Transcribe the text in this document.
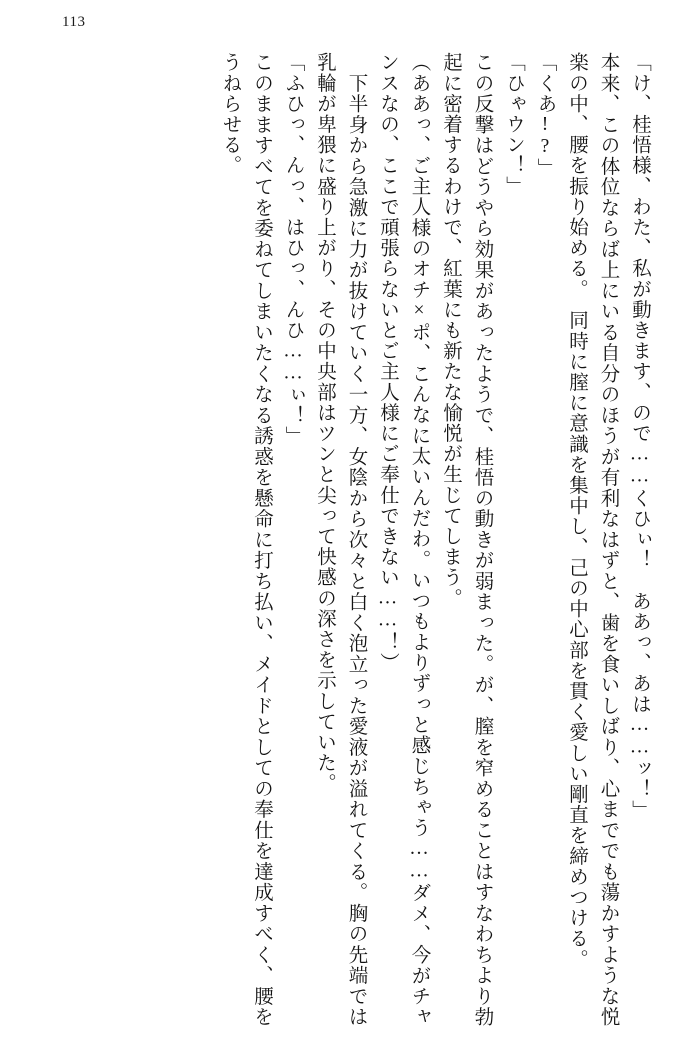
113
「け、桂悟様、わた、私が動きます、ので……くひぃ！　ああっ、あは……ッ！」
本来、この体位ならば上にいる自分のほうが有利なはずと、歯を食いしばり、心まででも蕩かすような悦楽の中、腰を振り始める。　同時に膣に意識を集中し、己の中心部を貫く愛しい剛直を締めつける。
「くあ!?」
「ひゃウン！」
この反撃はどうやら効果があったようで、桂悟の動きが弱まった。が、膣を窄めることはすなわちより勃起に密着するわけで、紅葉にも新たな愉悦が生じてしまう。
（ああっ、ご主人様のオチ×ポ、こんなに太いんだわ。いつもよりずっと感じちゃう……ダメ、今がチャンスなの、ここで頑張らないとご主人様にご奉仕できない……！）
　下半身から急激に力が抜けていく一方、女陰から次々と白く泡立った愛液が溢れてくる。胸の先端では乳輪が卑猥に盛り上がり、その中央部はツンと尖って快感の深さを示していた。
「ふひっ、んっ、はひっ、んひ……ぃ！」
このまますべてを委ねてしまいたくなる誘惑を懸命に打ち払い、メイドとしての奉仕を達成すべく、腰をうねらせる。
